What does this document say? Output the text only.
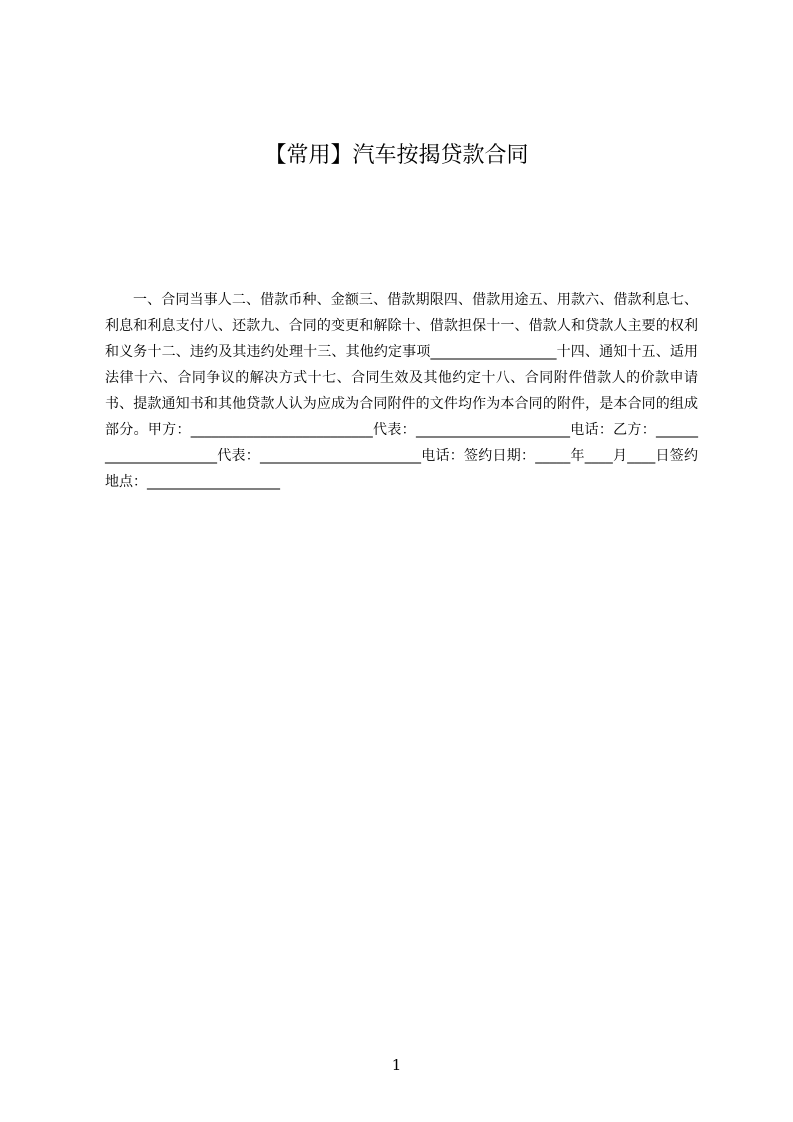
【常用】汽车按揭贷款合同

一、合同当事人二、借款币种、金额三、借款期限四、借款用途五、用款六、借款利息七、利息和利息支付八、还款九、合同的变更和解除十、借款担保十一、借款人和贷款人主要的权利和义务十二、违约及其违约处理十三、其他约定事项__________________十四、通知十五、适用法律十六、合同争议的解决方式十七、合同生效及其他约定十八、合同附件借款人的价款申请书、提款通知书和其他贷款人认为应成为合同附件的文件均作为本合同的附件，是本合同的组成部分。甲方：__________________________代表：______________________电话：乙方：______________________代表：_______________________电话：签约日期：_____年____月____日签约地点：___________________

1
